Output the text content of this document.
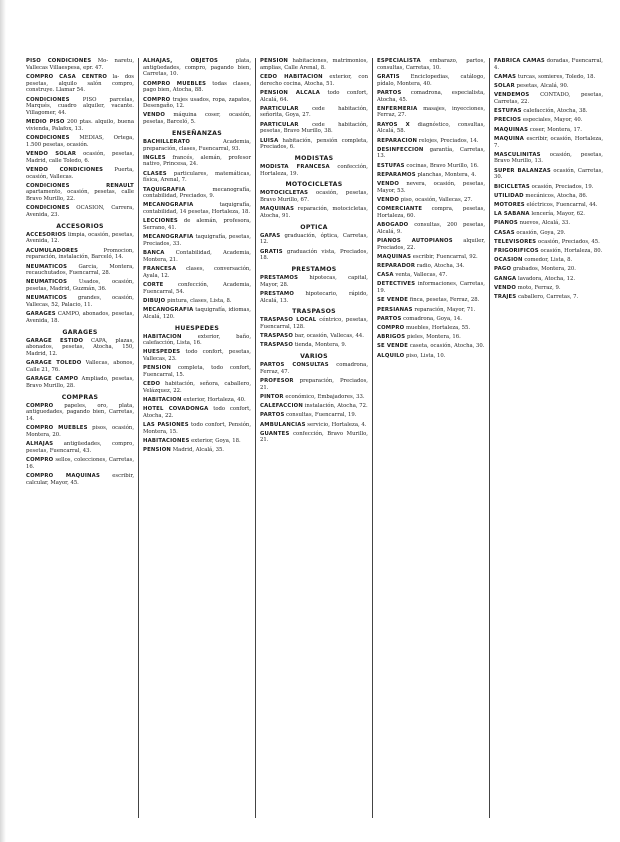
PISO CONDICIONES Mo- naretu, Vallecas Villaespesa, epr. 47.
COMPRO CASA CENTRO la- dos pesetas, alquilo salón compro, construye. Llamar 54.
CONDICIONES PISO parcelas, Marqués, cuadro alquiler, vacante. Villagomer, 44.
MEDIO PISO 200 ptas. alquilo, buena vivienda, Palafox, 13.
CONDICIONES MEDIAS, Ortega, 1.500 pesetas, ocasión.
VENDO SOLAR ocasión, pesetas, Madrid, calle Toledo, 6.
VENDO CONDICIONES Puerta, ocasión, Vallecas.
CONDICIONES RENAULT apartamento, ocasión, pesetas, calle Bravo Murillo, 22.
CONDICIONES OCASION, Carrera, Avenida, 23.
ACCESORIOS
ACCESORIOS limpia, ocasión, pesetas, Avenida, 12.
ACUMULADORES	Promocion, reparación, instalación, Barceló, 14.
NEUMATICOS Garcia, Montera, recauchutados, Fuencarral, 28.
NEUMATICOS Usados, ocasión, pesetas, Madrid, Guzmán, 36.
NEUMATICOS grandes, ocasión, Vallecas, 52, Palacio, 11.
GARAGES CAMPO, abonados, pesetas, Avenida, 18.
GARAGES
GARAGE ESTIDO CAPA, plazas, abonados, pesetas, Atocha, 150, Madrid, 12.
GARAGE TOLEDO Vallecas, abonos, Calle 21, 76.
GARAGE CAMPO Ampliado, pesetas, Bravo Murillo, 28.
COMPRAS
COMPRO papeles, oro, plata, antiguedades, pagando bien, Carretas, 14.
COMPRO MUEBLES pisos, ocasión, Montera, 20.
ALHAJAS antigüedades, compro, pesetas, Fuencarral, 43.
COMPRO sellos, colecciones, Carretas, 16.
COMPRO MAQUINAS escribir, calcular, Mayor, 45.
ALHAJAS, OBJETOS	plata, antigüedades, compro, pagando bien, Carretas, 10.
COMPRO MUEBLES todas clases, pago bien, Atocha, 88.
COMPRO trajes usados, ropa, zapatos, Desengaño, 12.
VENDO máquina coser, ocasión, pesetas, Barceló, 5.
ENSEÑANZAS
BACHILLERATO	Academia, preparación, clases, Fuencarral, 93.
INGLES francés, alemán, profesor nativo, Princesa, 24.
CLASES particulares, matemáticas, física, Arenal, 7.
TAQUIGRAFIA	mecanografía, contabilidad, Preciados, 9.
MECANOGRAFIA	taquigrafía, contabilidad, 14 pesetas, Hortaleza, 18.
LECCIONES de alemán, profesora, Serrano, 41.
MECANOGRAFIA taquigrafía, pesetas, Preciados, 33.
BANCA Contabilidad, Academia, Montera, 21.
FRANCESA clases, conversación, Ayala, 12.
CORTE	confección, Academia, Fuencarral, 54.
DIBUJO pintura, clases, Lista, 8.
MECANOGRAFIA taquigrafía, idiomas, Alcalá, 120.
HUESPEDES
HABITACION	exterior, baño, calefacción, Lista, 16.
HUESPEDES todo confort, pesetas, Vallecas, 23.
PENSION completa, todo confort, Fuencarral, 15.
CEDO habitación, señora, caballero, Velázquez, 22.
HABITACION exterior, Hortaleza, 40.
HOTEL COVADONGA todo confort, Atocha, 22.
LAS PASIONES todo confort, Pensión, Montera, 15.
HABITACIONES exterior, Goya, 18.
PENSION Madrid, Alcalá, 35.
PENSION habitaciones, matrimonios, amplias, Calle Arenal, 8.
CEDO HABITACION exterior, con derecho cocina, Atocha, 51.
PENSION ALCALA todo confort, Alcalá, 64.
PARTICULAR	cede habitación, señorita, Goya, 27.
PARTICULAR	cede habitación, pesetas, Bravo Murillo, 38.
LUISA habitación, pensión completa, Preciados, 6.
MODISTAS
MODISTA FRANCESA confección, Hortaleza, 19.
MOTOCICLETAS
MOTOCICLETAS ocasión, pesetas, Bravo Murillo, 67.
MAQUINAS reparación, motocicletas, Atocha, 91.
OPTICA
GAFAS graduación, óptica, Carretas, 12.
GRATIS graduación vista, Preciados, 18.
PRESTAMOS
PRESTAMOS hipotecas, capital, Mayor, 28.
PRESTAMO hipotecario, rápido, Alcalá, 13.
TRASPASOS
TRASPASO LOCAL céntrico, pesetas, Fuencarral, 128.
TRASPASO bar, ocasión, Vallecas, 44.
TRASPASO tienda, Montera, 9.
VARIOS
PARTOS CONSULTAS comadrona, Ferraz, 47.
PROFESOR preparación, Preciados, 21.
PINTOR económico, Embajadores, 33.
CALEFACCION instalación, Atocha, 72.
PARTOS consultas, Fuencarral, 19.
AMBULANCIAS servicio, Hortaleza, 4.
GUANTES confección, Bravo Murillo, 21.
ESPECIALISTA embarazo, partos, consultas, Carretas, 10.
GRATIS Enciclopedias, catálogo, pídalo, Montera, 40.
PARTOS comadrona, especialista, Atocha, 45.
ENFERMERIA masajes, inyecciones, Ferraz, 27.
RAYOS X diagnóstico, consultas, Alcalá, 58.
REPARACION relojes, Preciados, 14.
DESINFECCION garantía, Carretas, 13.
ESTUFAS cocinas, Bravo Murillo, 16.
REPARAMOS planchas, Montera, 4.
VENDO nevera, ocasión, pesetas, Mayor, 53.
VENDO piso, ocasión, Vallecas, 27.
COMERCIANTE compra, pesetas, Hortaleza, 60.
ABOGADO consultas, 200 pesetas, Alcalá, 9.
PIANOS AUTOPIANOS alquiler, Preciados, 22.
MAQUINAS escribir, Fuencarral, 92.
REPARADOR radio, Atocha, 34.
CASA venta, Vallecas, 47.
DETECTIVES informaciones, Carretas, 19.
SE VENDE finca, pesetas, Ferraz, 28.
PERSIANAS reparación, Mayor, 71.
PARTOS comadrona, Goya, 14.
COMPRO muebles, Hortaleza, 55.
ABRIGOS pieles, Montera, 16.
SE VENDE caseta, ocasión, Atocha, 30.
ALQUILO piso, Lista, 10.
FABRICA CAMAS doradas, Fuencarral, 4.
CAMAS turcas, somieres, Toledo, 18.
SOLAR pesetas, Alcalá, 90.
VENDEMOS CONTADO, pesetas, Carretas, 22.
ESTUFAS calefacción, Atocha, 38.
PRECIOS especiales, Mayor, 40.
MAQUINAS coser, Montera, 17.
MAQUINA escribir, ocasión, Hortaleza, 7.
MASCULINITAS ocasión, pesetas, Bravo Murillo, 13.
SUPER BALANZAS ocasión, Carretas, 30.
BICICLETAS ocasión, Preciados, 19.
UTILIDAD mecánicos, Atocha, 86.
MOTORES eléctricos, Fuencarral, 44.
LA SABANA lencería, Mayor, 62.
PIANOS nuevos, Alcalá, 33.
CASAS ocasión, Goya, 29.
TELEVISORES ocasión, Preciados, 45.
FRIGORIFICOS ocasión, Hortaleza, 80.
OCASION comedor, Lista, 8.
PAGO grabados, Montera, 20.
GANGA lavadora, Atocha, 12.
VENDO moto, Ferraz, 9.
TRAJES caballero, Carretas, 7.
